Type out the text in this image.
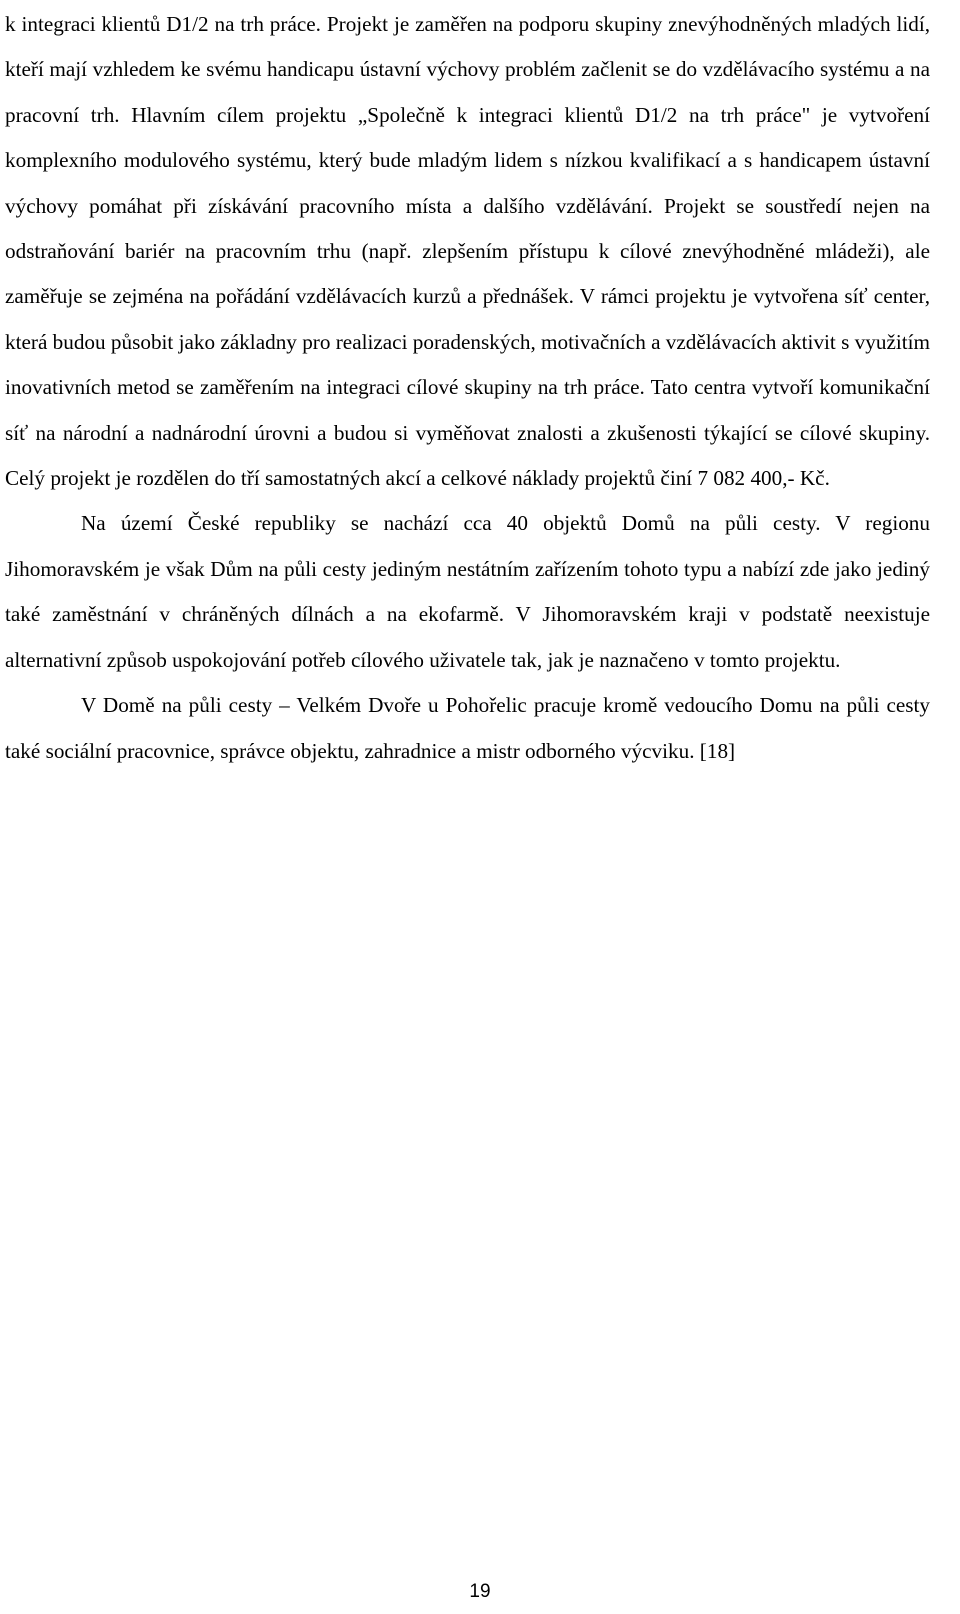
k integraci klientů D1/2 na trh práce. Projekt je zaměřen na podporu skupiny znevýhodněných mladých lidí, kteří mají vzhledem ke svému handicapu ústavní výchovy problém začlenit se do vzdělávacího systému a na pracovní trh. Hlavním cílem projektu „Společně k integraci klientů D1/2 na trh práce" je vytvoření komplexního modulového systému, který bude mladým lidem s nízkou kvalifikací a s handicapem ústavní výchovy pomáhat při získávání pracovního místa a dalšího vzdělávání. Projekt se soustředí nejen na odstraňování bariér na pracovním trhu (např. zlepšením přístupu k cílové znevýhodněné mládeži), ale zaměřuje se zejména na pořádání vzdělávacích kurzů a přednášek. V rámci projektu je vytvořena síť center, která budou působit jako základny pro realizaci poradenských, motivačních a vzdělávacích aktivit s využitím inovativních metod se zaměřením na integraci cílové skupiny na trh práce. Tato centra vytvoří komunikační síť na národní a nadnárodní úrovni a budou si vyměňovat znalosti a zkušenosti týkající se cílové skupiny. Celý projekt je rozdělen do tří samostatných akcí a celkové náklady projektů činí 7 082 400,- Kč.

Na území České republiky se nachází cca 40 objektů Domů na půli cesty. V regionu Jihomoravském je však Dům na půli cesty jediným nestátním zařízením tohoto typu a nabízí zde jako jediný také zaměstnání v chráněných dílnách a na ekofarmě. V Jihomoravském kraji v podstatě neexistuje alternativní způsob uspokojování potřeb cílového uživatele tak, jak je naznačeno v tomto projektu.

V Domě na půli cesty – Velkém Dvoře u Pohořelic pracuje kromě vedoucího Domu na půli cesty také sociální pracovnice, správce objektu, zahradnice a mistr odborného výcviku. [18]

19
